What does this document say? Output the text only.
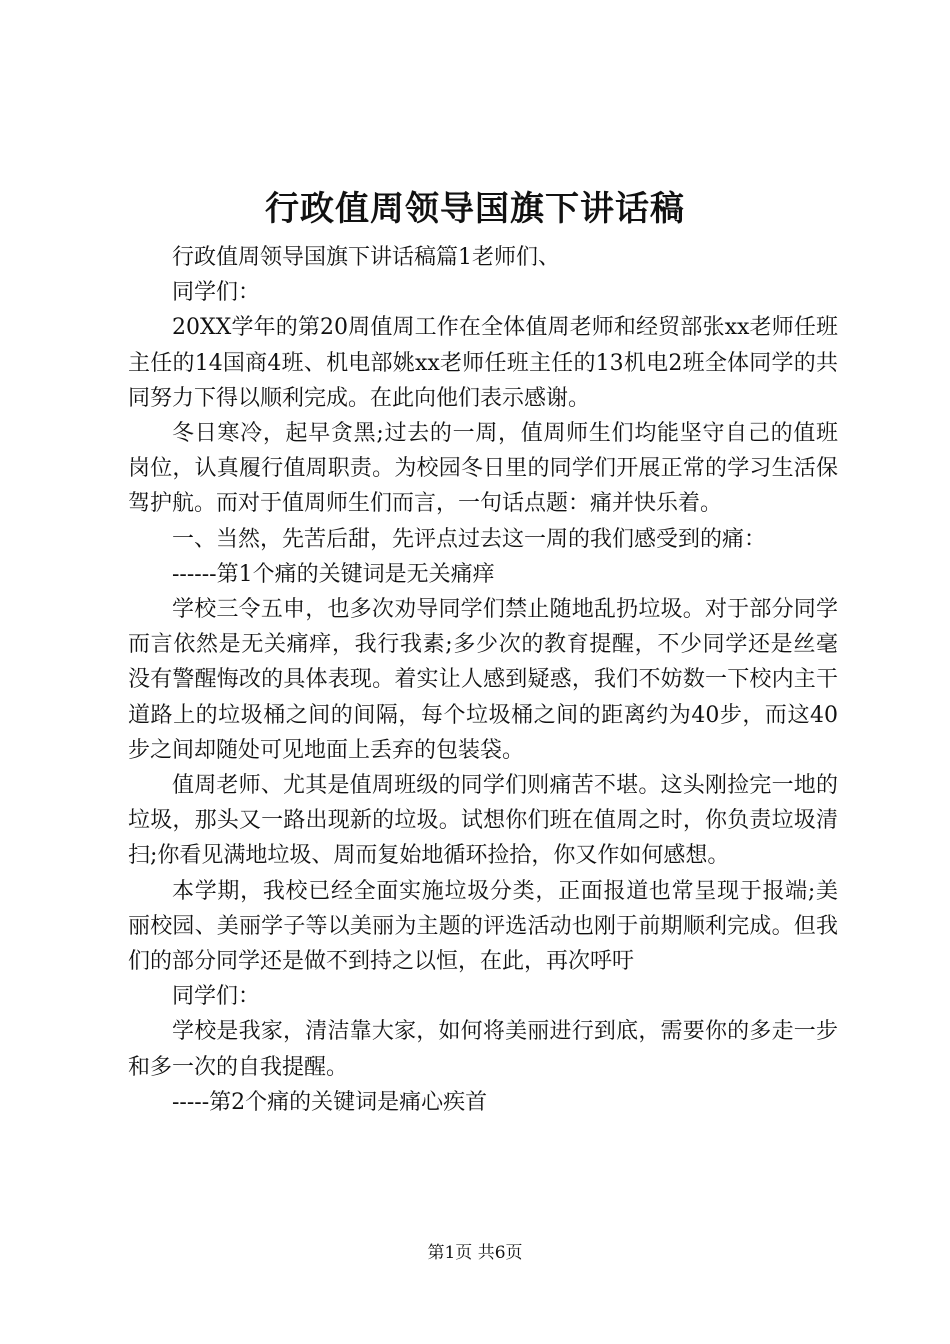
行政值周领导国旗下讲话稿

行政值周领导国旗下讲话稿篇1老师们、

同学们：

20XX学年的第20周值周工作在全体值周老师和经贸部张xx老师任班主任的14国商4班、机电部姚xx老师任班主任的13机电2班全体同学的共同努力下得以顺利完成。在此向他们表示感谢。

冬日寒冷，起早贪黑;过去的一周，值周师生们均能坚守自己的值班岗位，认真履行值周职责。为校园冬日里的同学们开展正常的学习生活保驾护航。而对于值周师生们而言，一句话点题：痛并快乐着。

一、当然，先苦后甜，先评点过去这一周的我们感受到的痛：

------第1个痛的关键词是无关痛痒

学校三令五申，也多次劝导同学们禁止随地乱扔垃圾。对于部分同学而言依然是无关痛痒，我行我素;多少次的教育提醒，不少同学还是丝毫没有警醒悔改的具体表现。着实让人感到疑惑，我们不妨数一下校内主干道路上的垃圾桶之间的间隔，每个垃圾桶之间的距离约为40步，而这40步之间却随处可见地面上丢弃的包装袋。

值周老师、尤其是值周班级的同学们则痛苦不堪。这头刚捡完一地的垃圾，那头又一路出现新的垃圾。试想你们班在值周之时，你负责垃圾清扫;你看见满地垃圾、周而复始地循环捡拾，你又作如何感想。

本学期，我校已经全面实施垃圾分类，正面报道也常呈现于报端;美丽校园、美丽学子等以美丽为主题的评选活动也刚于前期顺利完成。但我们的部分同学还是做不到持之以恒，在此，再次呼吁

同学们：

学校是我家，清洁靠大家，如何将美丽进行到底，需要你的多走一步和多一次的自我提醒。

-----第2个痛的关键词是痛心疾首

第1页 共6页
